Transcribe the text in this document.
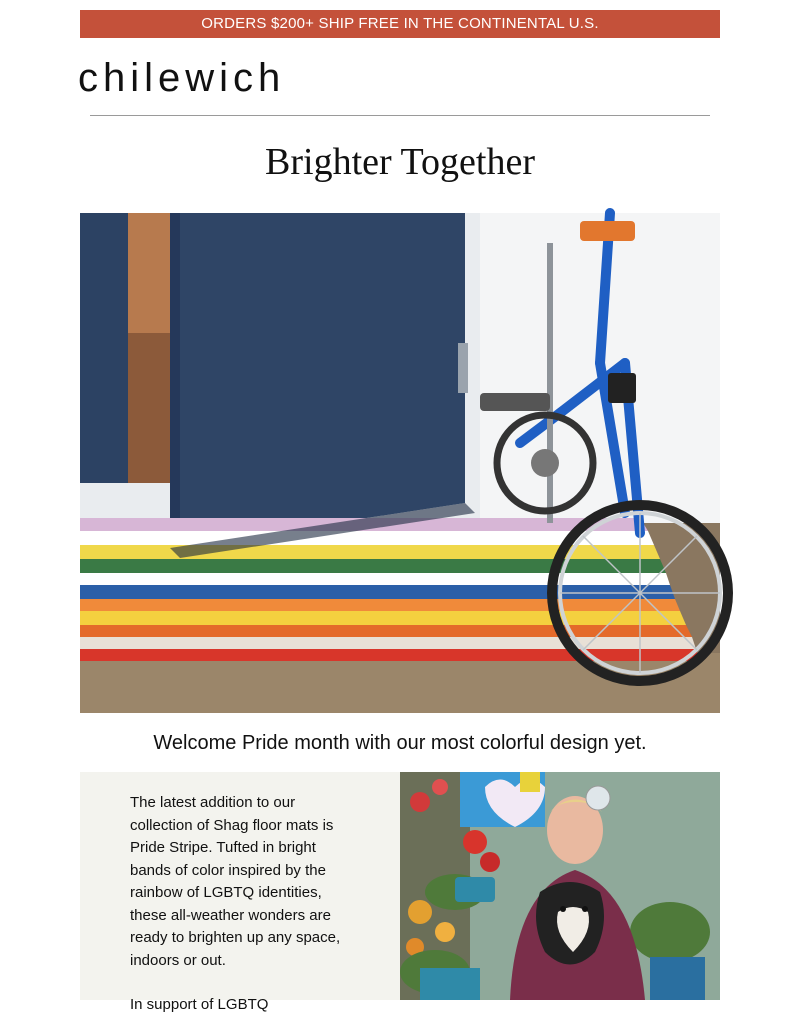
ORDERS $200+ SHIP FREE IN THE CONTINENTAL U.S.
chilewich
Brighter Together

Welcome Pride month with our most colorful design yet.

The latest addition to our collection of Shag floor mats is Pride Stripe. Tufted in bright bands of color inspired by the rainbow of LGBTQ identities, these all-weather wonders are ready to brighten up any space, indoors or out.

In support of LGBTQ
